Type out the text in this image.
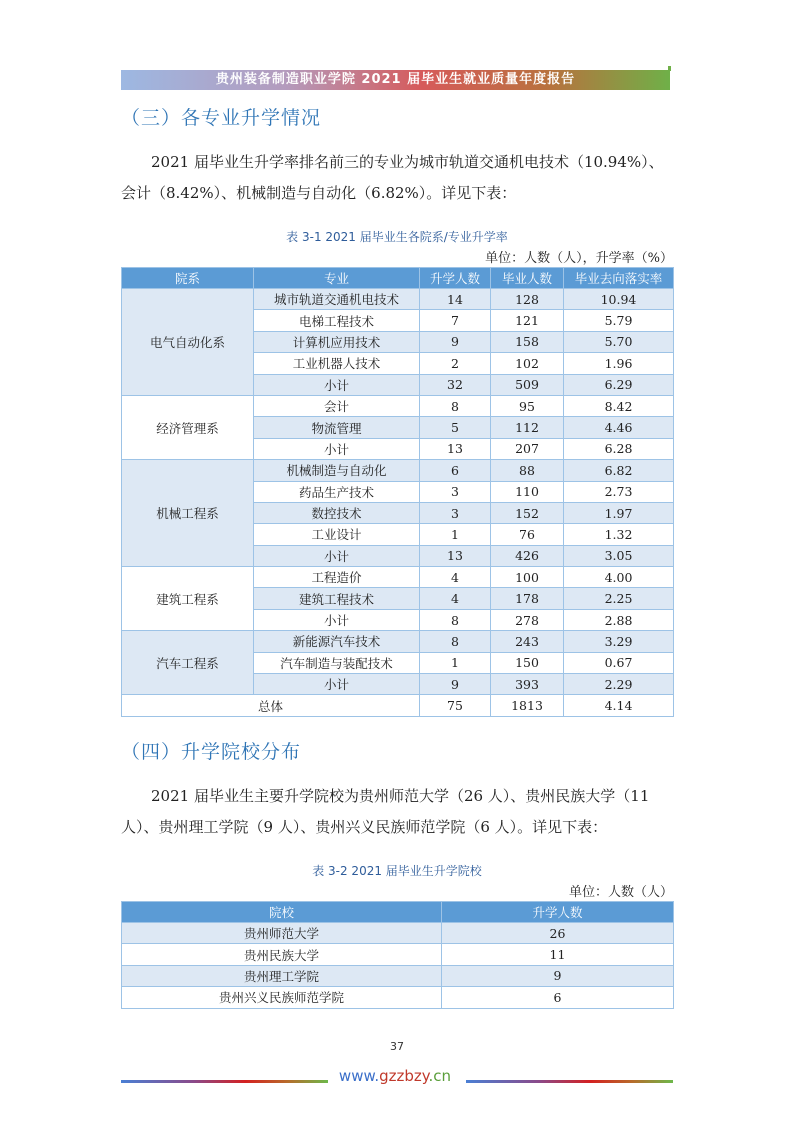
贵州装备制造职业学院 2021 届毕业生就业质量年度报告
（三）各专业升学情况
2021 届毕业生升学率排名前三的专业为城市轨道交通机电技术（10.94%）、
会计（8.42%）、机械制造与自动化（6.82%）。详见下表：
表 3-1 2021 届毕业生各院系/专业升学率
单位：人数（人），升学率（%）
院系	专业	升学人数	毕业人数	毕业去向落实率
电气自动化系	城市轨道交通机电技术	14	128	10.94
	电梯工程技术	7	121	5.79
	计算机应用技术	9	158	5.70
	工业机器人技术	2	102	1.96
	小计	32	509	6.29
经济管理系	会计	8	95	8.42
	物流管理	5	112	4.46
	小计	13	207	6.28
机械工程系	机械制造与自动化	6	88	6.82
	药品生产技术	3	110	2.73
	数控技术	3	152	1.97
	工业设计	1	76	1.32
	小计	13	426	3.05
建筑工程系	工程造价	4	100	4.00
	建筑工程技术	4	178	2.25
	小计	8	278	2.88
汽车工程系	新能源汽车技术	8	243	3.29
	汽车制造与装配技术	1	150	0.67
	小计	9	393	2.29
总体		75	1813	4.14
（四）升学院校分布
2021 届毕业生主要升学院校为贵州师范大学（26 人）、贵州民族大学（11
人）、贵州理工学院（9 人）、贵州兴义民族师范学院（6 人）。详见下表：
表 3-2 2021 届毕业生升学院校
单位：人数（人）
院校	升学人数
贵州师范大学	26
贵州民族大学	11
贵州理工学院	9
贵州兴义民族师范学院	6
37
www.gzzbzy.cn
